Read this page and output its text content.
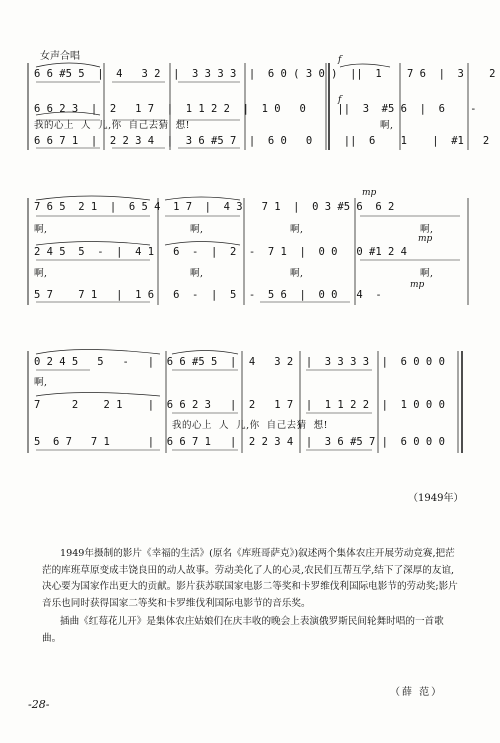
女声合唱	f
f
6 6 #5 5  |  4   3 2  |  3 3 3 3  |  6 0 ( 3 0 )  ||  1    7 6  |  3    2
6 6 2 3  |  2   1 7  |  1 1 2 2  |  1 0   0     ||  3  #5 6  |  6    -
我的心上  人  儿,你  自己去猜  想!	啊,
6 6 7 1  |  2 2 3 4  |  3 6 #5 7  |  6 0   0     ||  6    1    |  #1   2
mp
mp
mp
7 6 5  2 1  |  6 5 4  1 7  |  4 3   7 1  |  0 3 #5 6  6 2
啊,	啊,	啊,	啊,
2 4 5  5  -  |  4 1   6  -  |  2  -  7 1  |  0 0   0 #1 2 4
啊,	啊,	啊,	啊,
5 7    7 1   |  1 6   6  -  |  5  -  5 6  |  0 0   4  -
0 2 4 5   5   -   |  6 6 #5 5  |  4   3 2  |  3 3 3 3  |  6 0 0 0
啊,
7     2    2 1    |  6 6 2 3   |  2   1 7  |  1 1 2 2  |  1 0 0 0
我的心上  人  儿,你  自己去猜  想!
5  6 7   7 1      |  6 6 7 1   |  2 2 3 4  |  3 6 #5 7 |  6 0 0 0
（1949年）

1949年摄制的影片《幸福的生活》(原名《库班哥萨克》)叙述两个集体农庄开展劳动竞赛,把茫茫的库班草原变成丰饶良田的动人故事。劳动美化了人的心灵,农民们互帮互学,结下了深厚的友谊,决心要为国家作出更大的贡献。影片获苏联国家电影二等奖和卡罗维伐利国际电影节的劳动奖;影片音乐也同时获得国家二等奖和卡罗维伐利国际电影节的音乐奖。

插曲《红莓花儿开》是集体农庄姑娘们在庆丰收的晚会上表演俄罗斯民间轮舞时唱的一首歌曲。

（薛 范）
-28-
